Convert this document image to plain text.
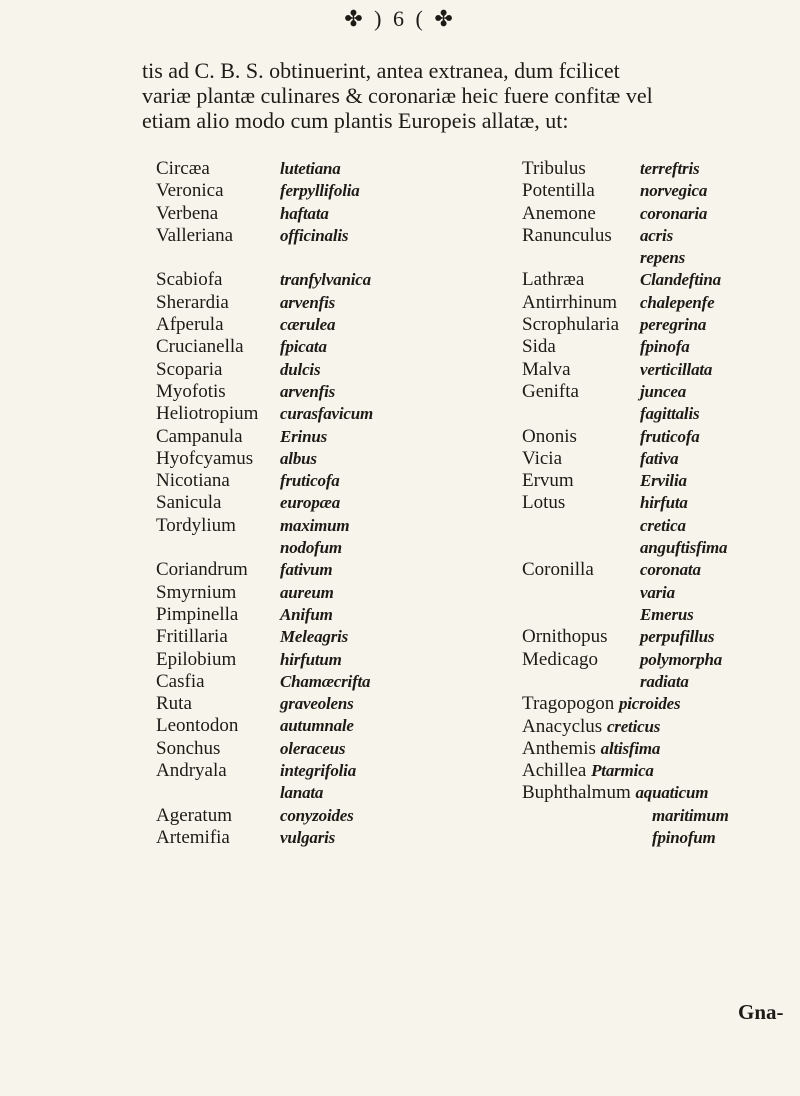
✤ ) 6 ( ✤
tis ad C. B. S. obtinuerint, antea extranea, dum fcilicet
variæ plantæ culinares & coronariæ heic fuere confitæ vel
etiam alio modo cum plantis Europeis allatæ, ut:
Circæa
Veronica
Verbena
Valleriana
Scabiofa
Sherardia
Afperula
Crucianella
Scoparia
Myofotis
Heliotropium
Campanula
Hyofcyamus
Nicotiana
Sanicula
Tordylium
Coriandrum
Smyrnium
Pimpinella
Fritillaria
Epilobium
Casfia
Ruta
Leontodon
Sonchus
Andryala
Ageratum
Artemifia
lutetiana
ferpyllifolia
haftata
officinalis
tranfylvanica
arvenfis
cærulea
fpicata
dulcis
arvenfis
curasfavicum
Erinus
albus
fruticofa
europæa
maximum
nodofum
fativum
aureum
Anifum
Meleagris
hirfutum
Chamæcrifta
graveolens
autumnale
oleraceus
integrifolia
lanata
conyzoides
vulgaris
Tribulus
Potentilla
Anemone
Ranunculus
Lathræa
Antirrhinum
Scrophularia
Sida
Malva
Genifta
Ononis
Vicia
Ervum
Lotus
Coronilla
Ornithopus
Medicago
terreftris
norvegica
coronaria
acris
repens
Clandeftina
chalepenfe
peregrina
fpinofa
verticillata
juncea
fagittalis
fruticofa
fativa
Ervilia
hirfuta
cretica
anguftisfima
coronata
varia
Emerus
perpufillus
polymorpha
radiata
Tragopogon picroides
Anacyclus creticus
Anthemis altisfima
Achillea Ptarmica
Buphthalmum aquaticum
maritimum
fpinofum
Gna-
